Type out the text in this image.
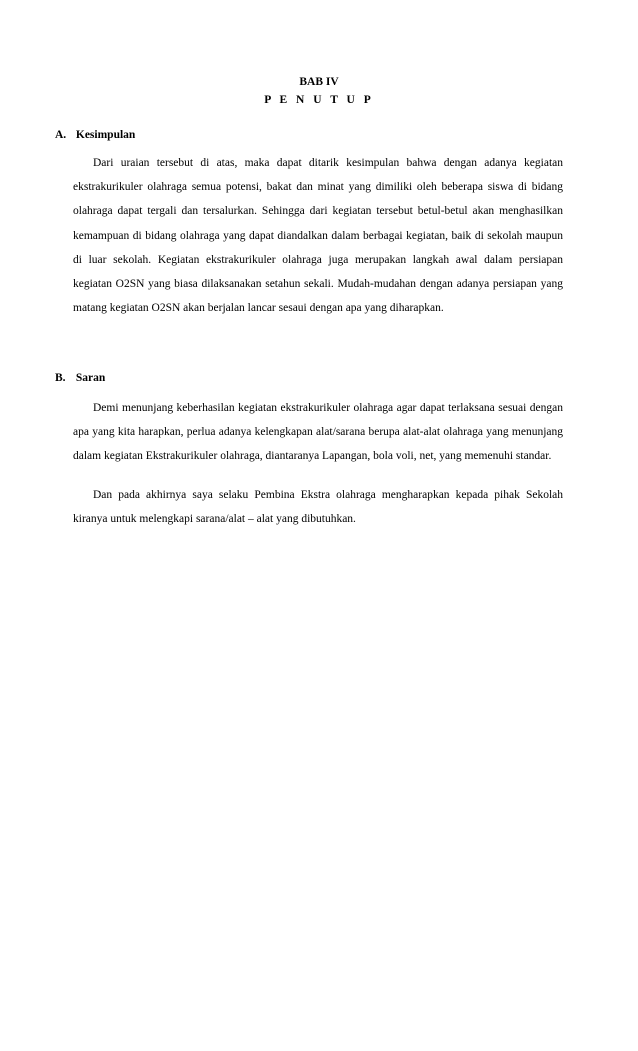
BAB IV
P E N U T U P
A. Kesimpulan

Dari uraian tersebut di atas, maka dapat ditarik kesimpulan bahwa dengan adanya kegiatan ekstrakurikuler olahraga semua potensi, bakat dan minat yang dimiliki oleh beberapa siswa di bidang olahraga dapat tergali dan tersalurkan. Sehingga dari kegiatan tersebut betul-betul akan menghasilkan kemampuan di bidang olahraga yang dapat diandalkan dalam berbagai kegiatan, baik di sekolah maupun di luar sekolah. Kegiatan ekstrakurikuler olahraga juga merupakan langkah awal dalam persiapan kegiatan O2SN yang biasa dilaksanakan setahun sekali. Mudah-mudahan dengan adanya persiapan yang matang kegiatan O2SN akan berjalan lancar sesaui dengan apa yang diharapkan.

B. Saran

Demi menunjang keberhasilan kegiatan ekstrakurikuler olahraga agar dapat terlaksana sesuai dengan apa yang kita harapkan, perlua adanya kelengkapan alat/sarana berupa alat-alat olahraga yang menunjang dalam kegiatan Ekstrakurikuler olahraga, diantaranya Lapangan, bola voli, net, yang memenuhi standar.

Dan pada akhirnya saya selaku Pembina Ekstra olahraga mengharapkan kepada pihak Sekolah kiranya untuk melengkapi sarana/alat – alat yang dibutuhkan.
